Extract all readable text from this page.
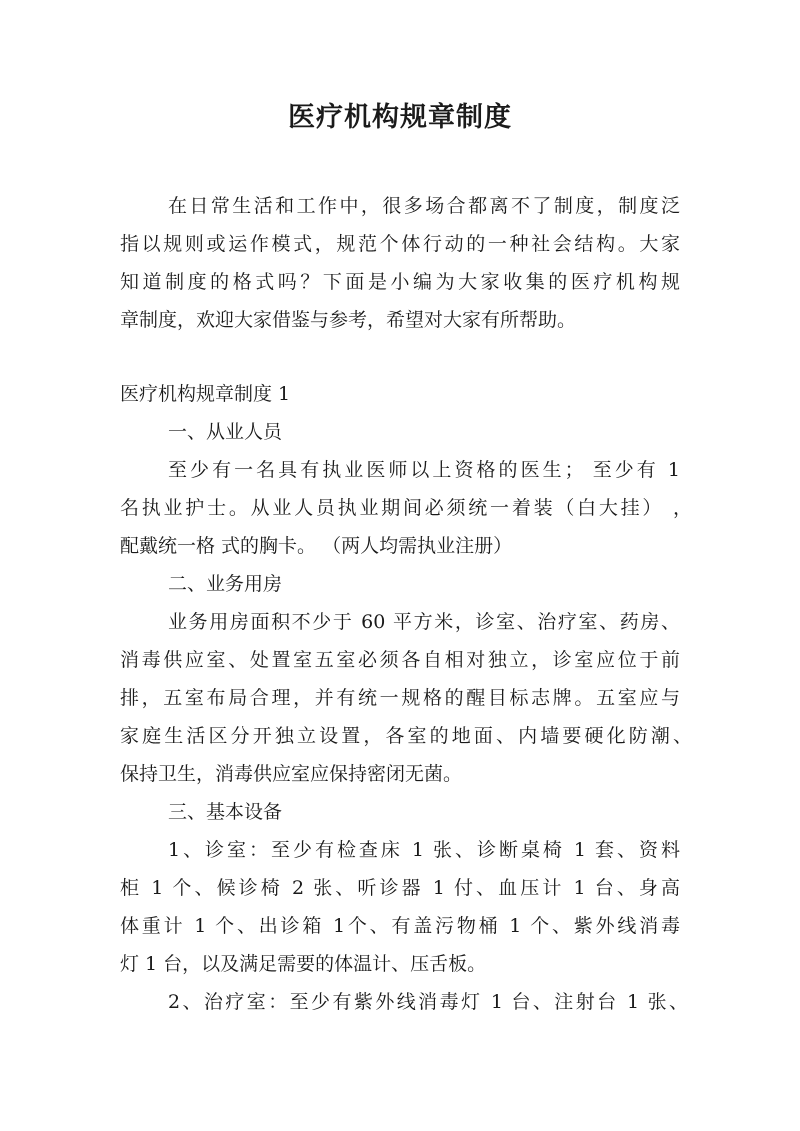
医疗机构规章制度
在日常生活和工作中，很多场合都离不了制度，制度泛
指以规则或运作模式，规范个体行动的一种社会结构。大家
知道制度的格式吗？下面是小编为大家收集的医疗机构规
章制度，欢迎大家借鉴与参考，希望对大家有所帮助。
医疗机构规章制度 1
一、从业人员
至少有一名具有执业医师以上资格的医生； 至少有 1
名执业护士。从业人员执业期间必须统一着装（白大挂） ，
配戴统一格 式的胸卡。 （两人均需执业注册）
二、业务用房
业务用房面积不少于 60 平方米，诊室、治疗室、药房、
消毒供应室、处置室五室必须各自相对独立，诊室应位于前
排，五室布局合理，并有统一规格的醒目标志牌。五室应与
家庭生活区分开独立设置，各室的地面、内墙要硬化防潮、
保持卫生，消毒供应室应保持密闭无菌。
三、基本设备
1、诊室：至少有检查床 1 张、诊断桌椅 1 套、资料
柜 1 个、候诊椅 2 张、听诊器 1 付、血压计 1 台、身高
体重计 1 个、出诊箱 1个、有盖污物桶 1 个、紫外线消毒
灯 1 台，以及满足需要的体温计、压舌板。
2、治疗室：至少有紫外线消毒灯 1 台、注射台 1 张、
